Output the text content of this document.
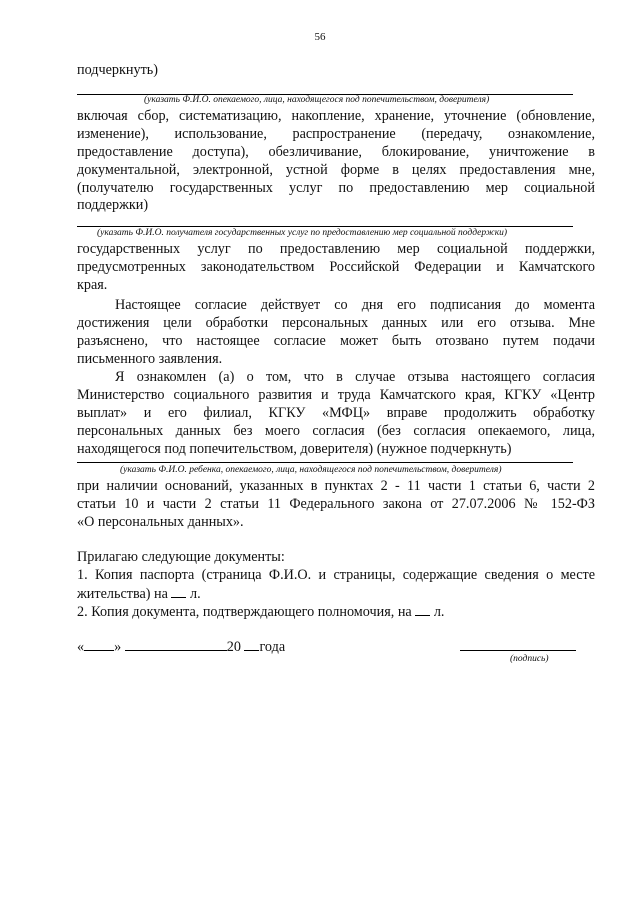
56
подчеркнуть)
(указать Ф.И.О. опекаемого, лица, находящегося под попечительством, доверителя)
включая сбор, систематизацию, накопление, хранение, уточнение (обновление,
изменение), использование, распространение (передачу, ознакомление,
предоставление доступа), обезличивание, блокирование, уничтожение в
документальной, электронной, устной форме в целях предоставления мне,
(получателю государственных услуг по предоставлению мер социальной
поддержки)
(указать Ф.И.О. получателя государственных услуг по предоставлению мер социальной поддержки)
государственных услуг по предоставлению мер социальной поддержки,
предусмотренных законодательством Российской Федерации и Камчатского
края.
Настоящее согласие действует со дня его подписания до момента
достижения цели обработки персональных данных или его отзыва. Мне
разъяснено, что настоящее согласие может быть отозвано путем подачи
письменного заявления.
Я ознакомлен (а) о том, что в случае отзыва настоящего согласия
Министерство социального развития и труда Камчатского края, КГКУ «Центр
выплат» и его филиал, КГКУ «МФЦ» вправе продолжить обработку
персональных данных без моего согласия (без согласия опекаемого, лица,
находящегося под попечительством, доверителя) (нужное подчеркнуть)
(указать Ф.И.О. ребенка, опекаемого, лица, находящегося под попечительством, доверителя)
при наличии оснований, указанных в пунктах 2 - 11 части 1 статьи 6, части 2
статьи 10 и части 2 статьи 11 Федерального закона от 27.07.2006 № 152-ФЗ
«О персональных данных».
Прилагаю следующие документы:
1. Копия паспорта (страница Ф.И.О. и страницы, содержащие сведения о месте
жительства) на л.
2. Копия документа, подтверждающего полномочия, на л.
« »	20 года
(подпись)
